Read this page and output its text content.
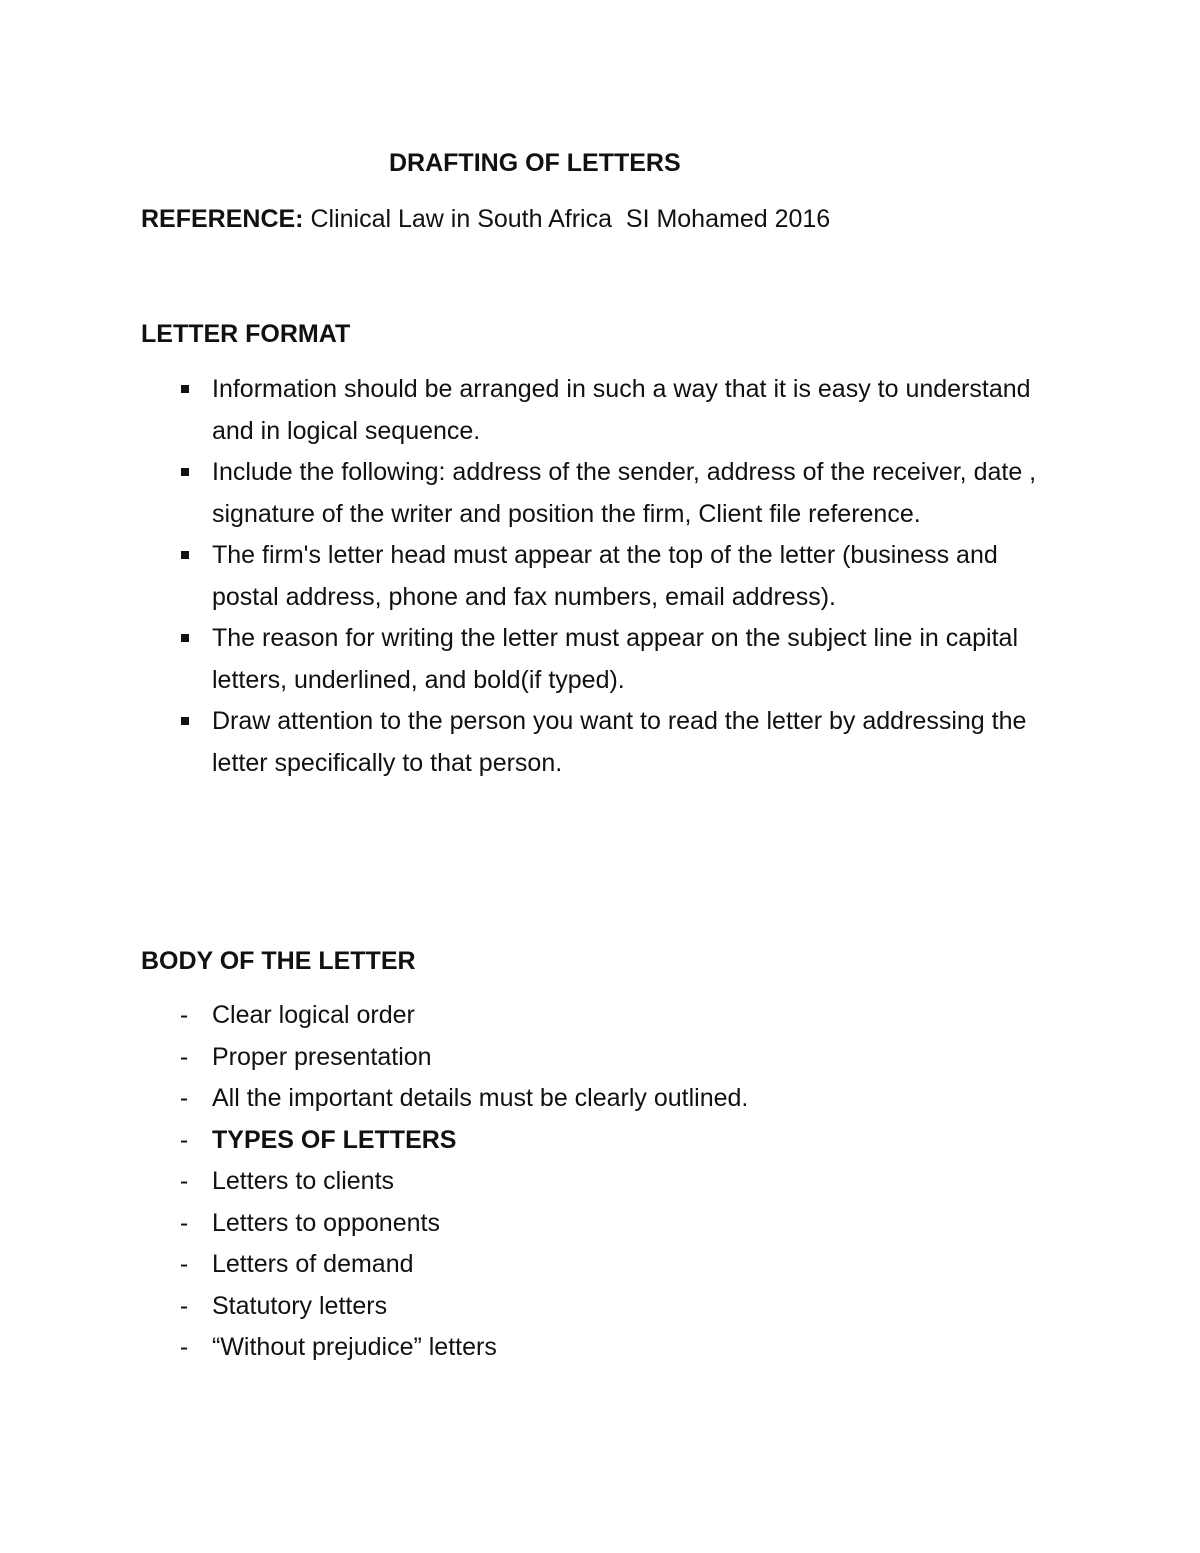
DRAFTING OF LETTERS
REFERENCE: Clinical Law in South Africa  SI Mohamed 2016
LETTER FORMAT
Information should be arranged in such a way that it is easy to understand and in logical sequence.
Include the following: address of the sender, address of the receiver, date , signature of the writer and position the firm, Client file reference.
The firm's letter head must appear at the top of the letter (business and postal address, phone and fax numbers, email address).
The reason for writing the letter must appear on the subject line in capital letters, underlined, and bold(if typed).
Draw attention to the person you want to read the letter by addressing the letter specifically to that person.
BODY OF THE LETTER
- Clear logical order
- Proper presentation
- All the important details must be clearly outlined.
- TYPES OF LETTERS
- Letters to clients
- Letters to opponents
- Letters of demand
- Statutory letters
- “Without prejudice” letters
